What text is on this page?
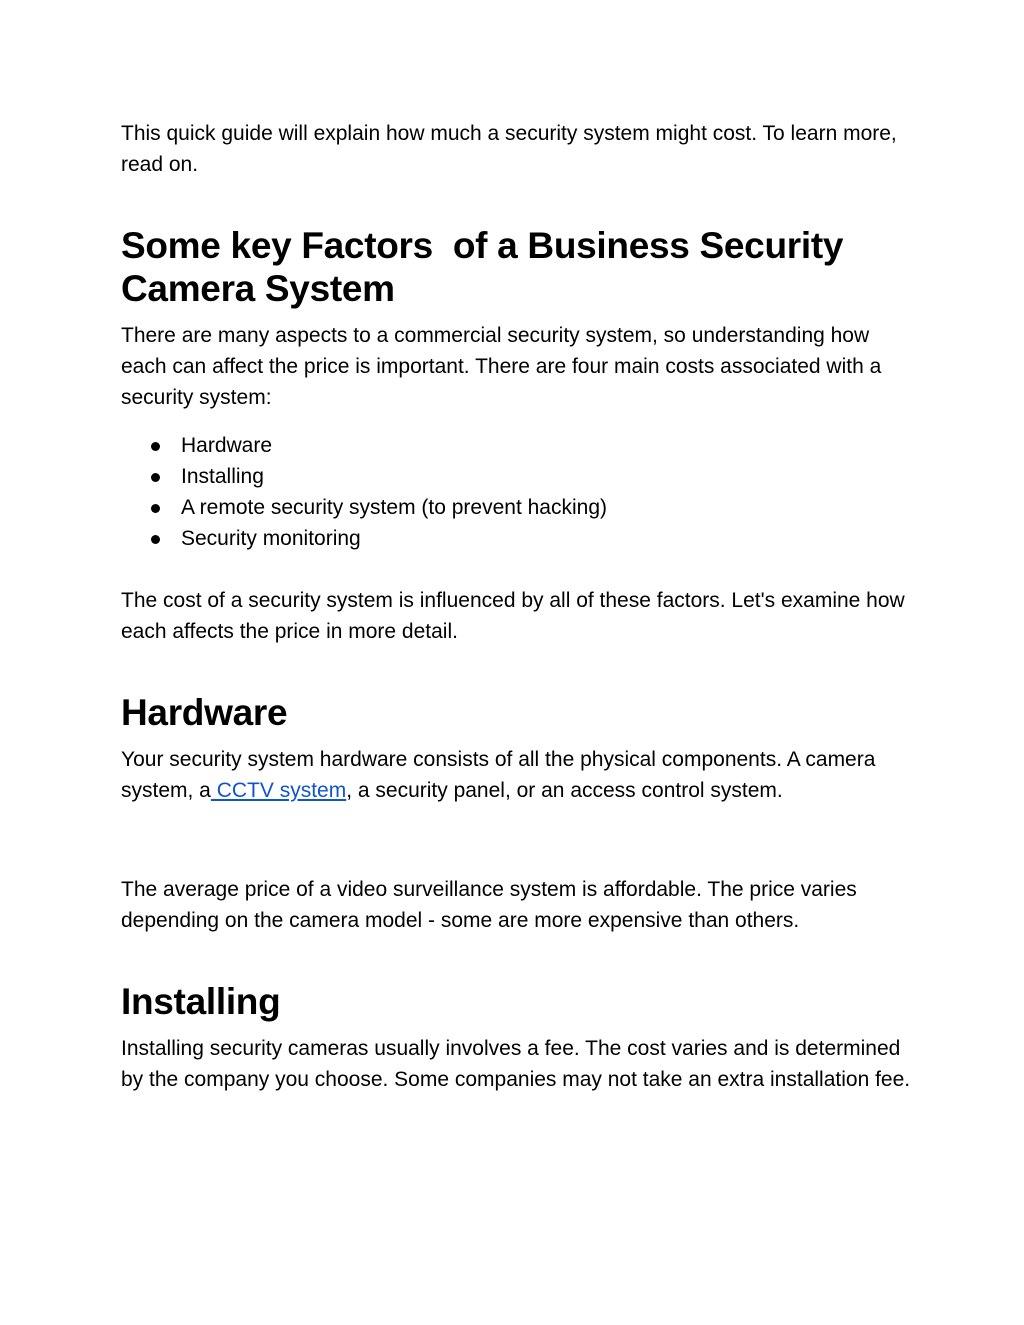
This quick guide will explain how much a security system might cost. To learn more, read on.

Some key Factors  of a Business Security Camera System

There are many aspects to a commercial security system, so understanding how each can affect the price is important. There are four main costs associated with a security system:

Hardware
Installing
A remote security system (to prevent hacking)
Security monitoring

The cost of a security system is influenced by all of these factors. Let's examine how each affects the price in more detail.

Hardware

Your security system hardware consists of all the physical components. A camera system, a CCTV system, a security panel, or an access control system.

The average price of a video surveillance system is affordable. The price varies depending on the camera model - some are more expensive than others.

Installing

Installing security cameras usually involves a fee. The cost varies and is determined by the company you choose. Some companies may not take an extra installation fee.
